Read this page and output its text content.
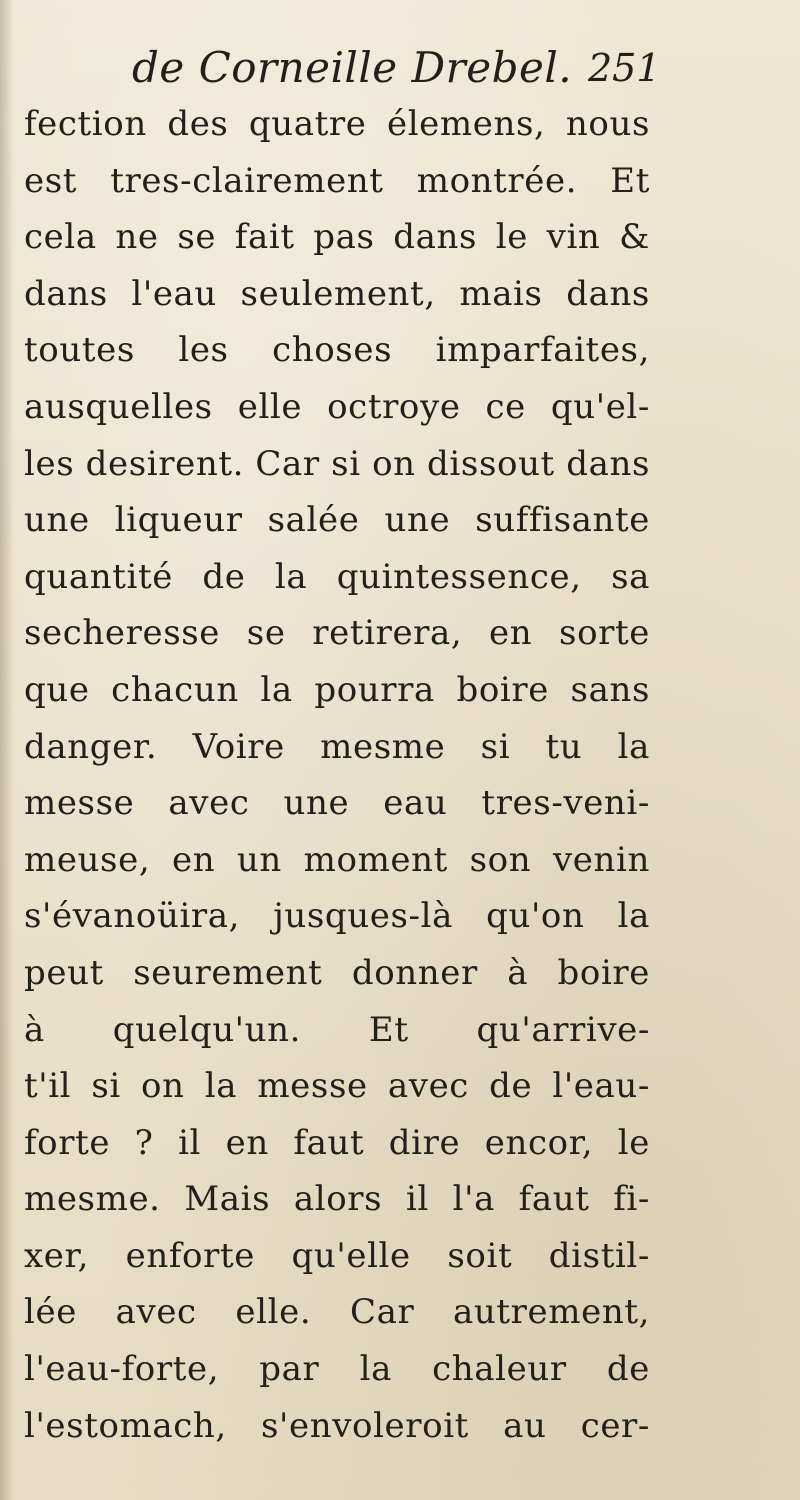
de Corneille Drebel. 251
fection des quatre élemens, nous
est tres-clairement montrée. Et
cela ne se fait pas dans le vin &
dans l'eau seulement, mais dans
toutes les choses imparfaites,
ausquelles elle octroye ce qu'el-
les desirent. Car si on dissout dans
une liqueur salée une suffisante
quantité de la quintessence, sa
secheresse se retirera, en sorte
que chacun la pourra boire sans
danger. Voire mesme si tu la
messe avec une eau tres-veni-
meuse, en un moment son venin
s'évanoüira, jusques-là qu'on la
peut seurement donner à boire
à quelqu'un. Et qu'arrive-
t'il si on la messe avec de l'eau-
forte ? il en faut dire encor, le
mesme. Mais alors il l'a faut fi-
xer, enforte qu'elle soit distil-
lée avec elle. Car autrement,
l'eau-forte, par la chaleur de
l'estomach, s'envoleroit au cer-
